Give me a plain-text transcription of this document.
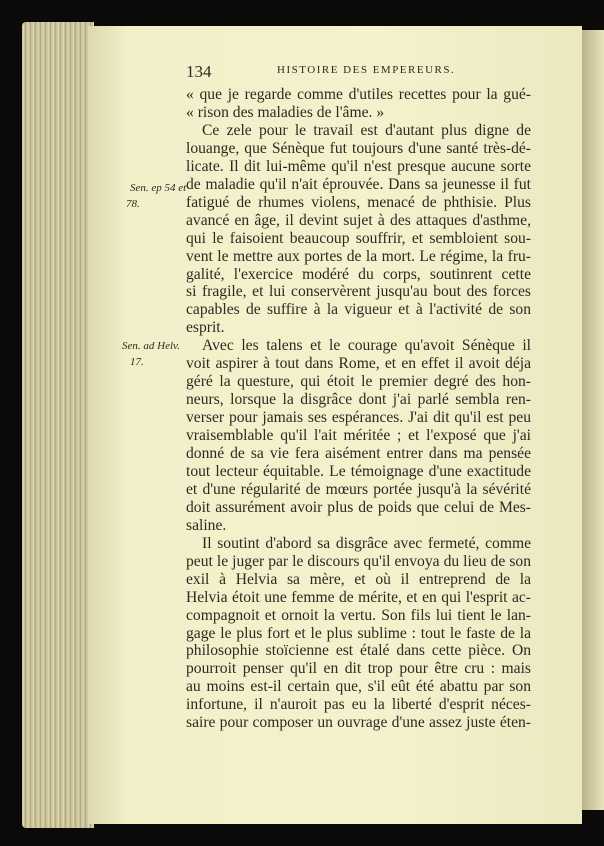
134	HISTOIRE DES EMPEREURS.
Sen. ep 54 et
78.
Sen. ad Helv.
17.
« que je regarde comme d'utiles recettes pour la gué-
« rison des maladies de l'âme. »
Ce zele pour le travail est d'autant plus digne de
louange, que Sénèque fut toujours d'une santé très-dé-
licate. Il dit lui-même qu'il n'est presque aucune sorte
de maladie qu'il n'ait éprouvée. Dans sa jeunesse il fut
fatigué de rhumes violens, menacé de phthisie. Plus
avancé en âge, il devint sujet à des attaques d'asthme,
qui le faisoient beaucoup souffrir, et sembloient sou-
vent le mettre aux portes de la mort. Le régime, la fru-
galité, l'exercice modéré du corps, soutinrent cette
si fragile, et lui conservèrent jusqu'au bout des forces
capables de suffire à la vigueur et à l'activité de son
esprit.
Avec les talens et le courage qu'avoit Sénèque il
voit aspirer à tout dans Rome, et en effet il avoit déja
géré la questure, qui étoit le premier degré des hon-
neurs, lorsque la disgrâce dont j'ai parlé sembla ren-
verser pour jamais ses espérances. J'ai dit qu'il est peu
vraisemblable qu'il l'ait méritée ; et l'exposé que j'ai
donné de sa vie fera aisément entrer dans ma pensée
tout lecteur équitable. Le témoignage d'une exactitude
et d'une régularité de mœurs portée jusqu'à la sévérité
doit assurément avoir plus de poids que celui de Mes-
saline.
Il soutint d'abord sa disgrâce avec fermeté, comme
peut le juger par le discours qu'il envoya du lieu de son
exil à Helvia sa mère, et où il entreprend de la
Helvia étoit une femme de mérite, et en qui l'esprit ac-
compagnoit et ornoit la vertu. Son fils lui tient le lan-
gage le plus fort et le plus sublime : tout le faste de la
philosophie stoïcienne est étalé dans cette pièce. On
pourroit penser qu'il en dit trop pour être cru : mais
au moins est-il certain que, s'il eût été abattu par son
infortune, il n'auroit pas eu la liberté d'esprit néces-
saire pour composer un ouvrage d'une assez juste éten-
